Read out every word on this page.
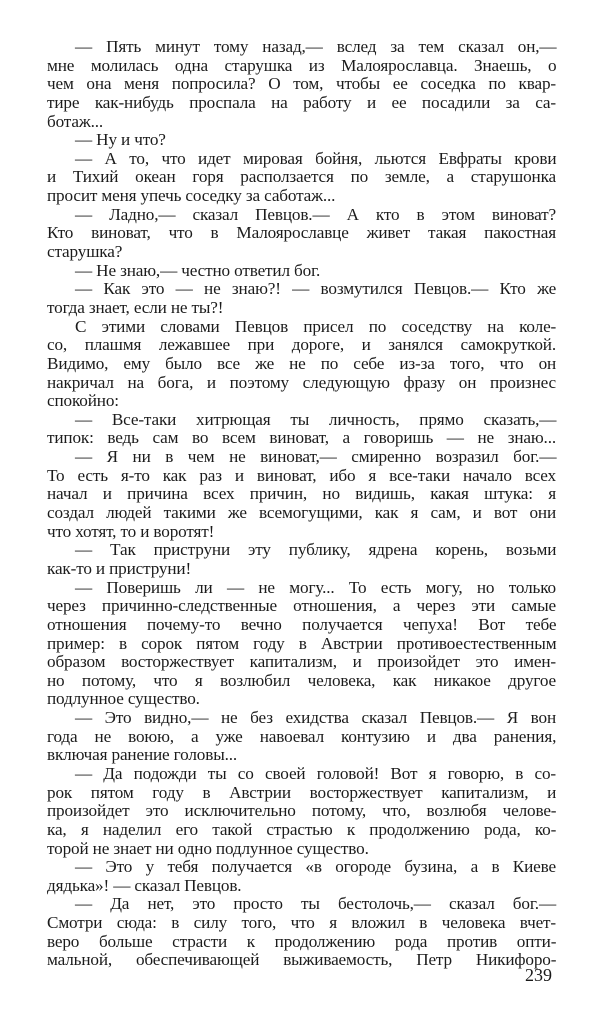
— Пять минут тому назад,— вслед за тем сказал он,—
мне молилась одна старушка из Малоярославца. Знаешь, о
чем она меня попросила? О том, чтобы ее соседка по квар-
тире как-нибудь проспала на работу и ее посадили за са-
ботаж...
— Ну и что?
— А то, что идет мировая бойня, льются Евфраты крови
и Тихий океан горя расползается по земле, а старушонка
просит меня упечь соседку за саботаж...
— Ладно,— сказал Певцов.— А кто в этом виноват?
Кто виноват, что в Малоярославце живет такая пакостная
старушка?
— Не знаю,— честно ответил бог.
— Как это — не знаю?! — возмутился Певцов.— Кто же
тогда знает, если не ты?!
С этими словами Певцов присел по соседству на коле-
со, плашмя лежавшее при дороге, и занялся самокруткой.
Видимо, ему было все же не по себе из-за того, что он
накричал на бога, и поэтому следующую фразу он произнес
спокойно:
— Все-таки хитрющая ты личность, прямо сказать,—
типок: ведь сам во всем виноват, а говоришь — не знаю...
— Я ни в чем не виноват,— смиренно возразил бог.—
То есть я-то как раз и виноват, ибо я все-таки начало всех
начал и причина всех причин, но видишь, какая штука: я
создал людей такими же всемогущими, как я сам, и вот они
что хотят, то и воротят!
— Так приструни эту публику, ядрена корень, возьми
как-то и приструни!
— Поверишь ли — не могу... То есть могу, но только
через причинно-следственные отношения, а через эти самые
отношения почему-то вечно получается чепуха! Вот тебе
пример: в сорок пятом году в Австрии противоестественным
образом восторжествует капитализм, и произойдет это имен-
но потому, что я возлюбил человека, как никакое другое
подлунное существо.
— Это видно,— не без ехидства сказал Певцов.— Я вон
года не воюю, а уже навоевал контузию и два ранения,
включая ранение головы...
— Да подожди ты со своей головой! Вот я говорю, в со-
рок пятом году в Австрии восторжествует капитализм, и
произойдет это исключительно потому, что, возлюбя челове-
ка, я наделил его такой страстью к продолжению рода, ко-
торой не знает ни одно подлунное существо.
— Это у тебя получается «в огороде бузина, а в Киеве
дядька»! — сказал Певцов.
— Да нет, это просто ты бестолочь,— сказал бог.—
Смотри сюда: в силу того, что я вложил в человека вчет-
веро больше страсти к продолжению рода против опти-
мальной, обеспечивающей выживаемость, Петр Никифоро-
239
